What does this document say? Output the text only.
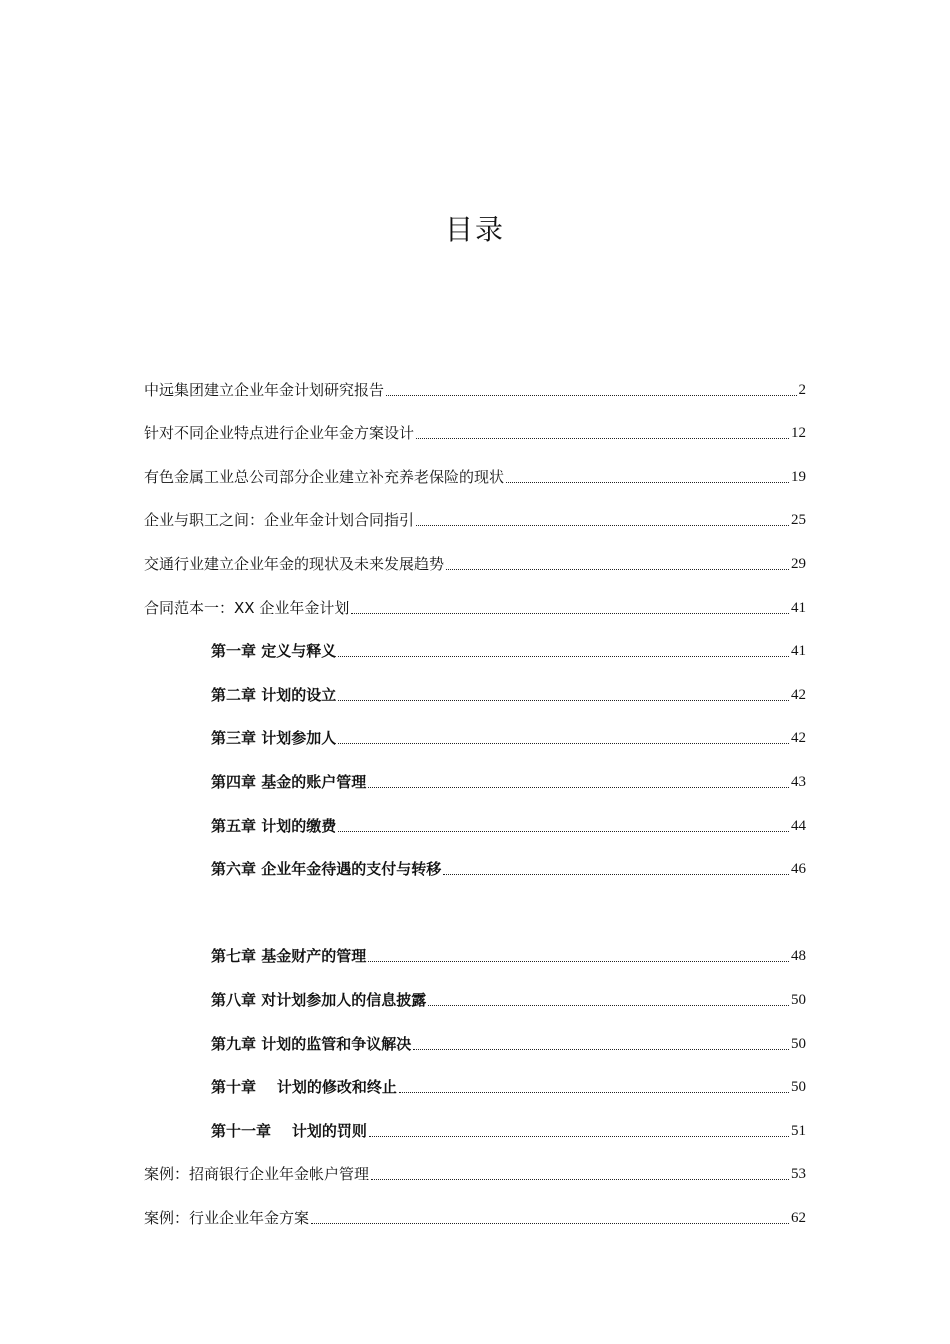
目录
中远集团建立企业年金计划研究报告	2
针对不同企业特点进行企业年金方案设计	12
有色金属工业总公司部分企业建立补充养老保险的现状	19
企业与职工之间：企业年金计划合同指引	25
交通行业建立企业年金的现状及未来发展趋势	29
合同范本一：XX 企业年金计划	41
第一章 定义与释义	41
第二章 计划的设立	42
第三章 计划参加人	42
第四章 基金的账户管理	43
第五章 计划的缴费	44
第六章 企业年金待遇的支付与转移	46
第七章 基金财产的管理	48
第八章 对计划参加人的信息披露	50
第九章 计划的监管和争议解决	50
第十章    计划的修改和终止	50
第十一章    计划的罚则	51
案例：招商银行企业年金帐户管理	53
案例：行业企业年金方案	62
